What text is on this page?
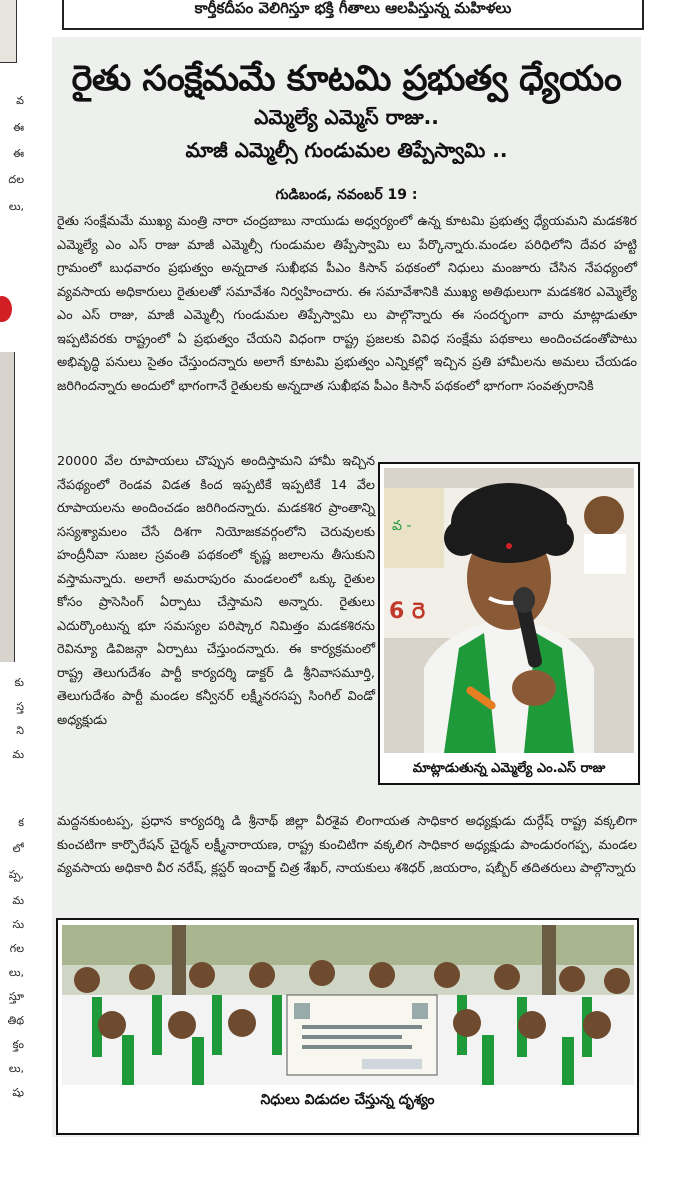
కార్తీకదీపం వెలిగిస్తూ భక్తి గీతాలు ఆలపిస్తున్న మహిళలు
వ
ఈ
ఈ
దల
లు,
కు
స్త
ని
మ
క
లో
ప్ప,
మ
సు
గల
లు,
స్తూ
తిథ
క్తం
లు,
షు
రైతు సంక్షేమమే కూటమి ప్రభుత్వ ధ్యేయం
ఎమ్మెల్యే ఎమ్మెస్ రాజు..
మాజీ ఎమ్మెల్సీ గుండుమల తిప్పేస్వామి ..
గుడిబండ, నవంబర్ 19 :

రైతు సంక్షేమమే ముఖ్య మంత్రి నారా చంద్రబాబు నాయుడు అధ్వర్యంలో ఉన్న కూటమి ప్రభుత్వ ధ్యేయమని మడకశిర ఎమ్మెల్యే ఎం ఎస్ రాజు మాజీ ఎమ్మెల్సీ గుండుమల తిప్పేస్వామి లు పేర్కొన్నారు.మండల పరిధిలోని దేవర హట్టి గ్రామంలో బుధవారం ప్రభుత్వం అన్నదాత సుఖీభవ పీఎం కిసాన్ పథకంలో నిధులు మంజూరు చేసిన నేపధ్యంలో వ్యవసాయ అధికారులు రైతులతో సమావేశం నిర్వహించారు. ఈ సమావేశానికి ముఖ్య అతిథులుగా మడకశిర ఎమ్మెల్యే ఎం ఎస్ రాజు, మాజీ ఎమ్మెల్సీ గుండుమల తిప్పేస్వామి లు పాల్గొన్నారు ఈ సందర్భంగా వారు మాట్లాడుతూ ఇప్పటివరకు రాష్ట్రంలో ఏ ప్రభుత్వం చేయని విధంగా రాష్ట్ర ప్రజలకు వివిధ సంక్షేమ పథకాలు అందించడంతోపాటు అభివృద్ధి పనులు సైతం చేస్తుందన్నారు అలాగే కూటమి ప్రభుత్వం ఎన్నికల్లో ఇచ్చిన ప్రతి హామీలను అమలు చేయడం జరిగిందన్నారు అందులో భాగంగానే రైతులకు అన్నదాత సుఖీభవ పీఎం కిసాన్ పథకంలో భాగంగా సంవత్సరానికి

20000 వేల రూపాయలు చొప్పున అందిస్తామని హామీ ఇచ్చిన నేపథ్యంలో రెండవ విడత కింద ఇప్పటికే ఇప్పటికే 14 వేల రూపాయలను అందించడం జరిగిందన్నారు. మడకశిర ప్రాంతాన్ని సస్యశ్యామలం చేసే దిశగా నియోజకవర్గంలోని చెరువులకు హంద్రీనీవా సుజల స్రవంతి పథకంలో కృష్ణ జలాలను తీసుకుని వస్తామన్నారు. అలాగే అమరాపురం మండలంలో ఒక్కు రైతుల కోసం ప్రాసెసింగ్ ఏర్పాటు చేస్తామని అన్నారు. రైతులు ఎదుర్కొంటున్న భూ సమస్యల పరిష్కార నిమిత్తం మడకశిరను రెవిన్యూ డివిజన్గా ఏర్పాటు చేస్తుందన్నారు. ఈ కార్యక్రమంలో రాష్ట్ర తెలుగుదేశం పార్టీ కార్యదర్శి డాక్టర్ డి శ్రీనివాసమూర్తి, తెలుగుదేశం పార్టీ మండల కన్వీనర్ లక్ష్మీనరసప్ప సింగిల్ విండో అధ్యక్షుడు

మద్దనకుంటప్ప, ప్రధాన కార్యదర్శి డి శ్రీనాథ్ జిల్లా వీరశైవ లింగాయత సాధికార అధ్యక్షుడు దుర్గేష్ రాష్ట్ర వక్కలిగా కుంచటిగా కార్పొరేషన్ చైర్మన్ లక్ష్మీనారాయణ, రాష్ట్ర కుంచిటిగా వక్కలిగ సాధికార అధ్యక్షుడు పాండురంగప్ప, మండల వ్యవసాయ అధికారి వీర నరేష్, క్లస్టర్ ఇంచార్జ్ చిత్ర శేఖర్, నాయకులు శశిధర్ ,జయరాం, షబ్బీర్ తదితరులు పాల్గొన్నారు

వ -
6 రె
మాట్లాడుతున్న ఎమ్మెల్యే ఎం.ఎస్ రాజు
నిధులు విడుదల చేస్తున్న దృశ్యం
